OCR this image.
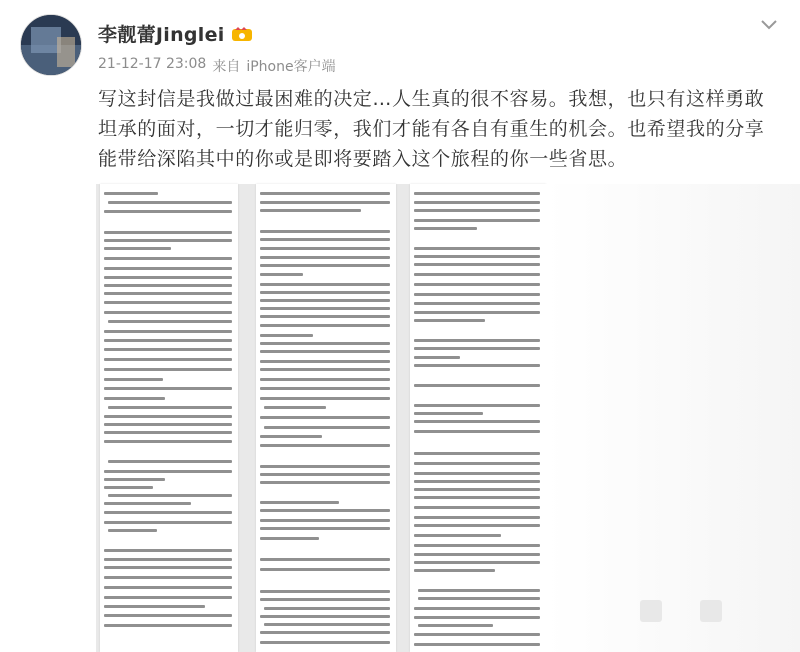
李靓蕾Jinglei
21-12-17 23:08 来自 iPhone客户端
写这封信是我做过最困难的决定…人生真的很不容易。我想，也只有这样勇敢坦承的面对，一切才能归零，我们才能有各自有重生的机会。也希望我的分享能带给深陷其中的你或是即将要踏入这个旅程的你一些省思。
